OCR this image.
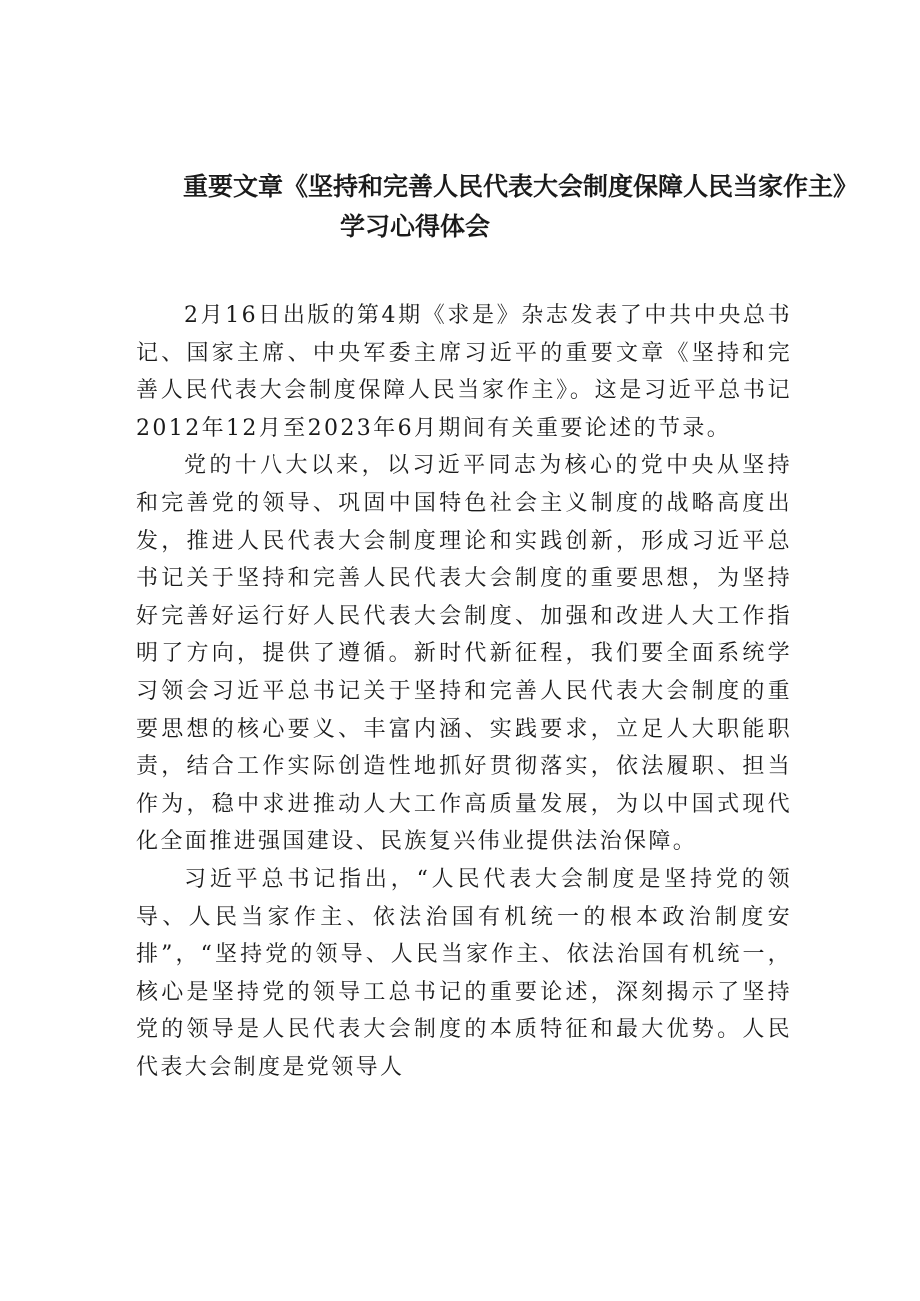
重要文章《坚持和完善人民代表大会制度保障人民当家作主》
学习心得体会

2月16日出版的第4期《求是》杂志发表了中共中央总书记、国家主席、中央军委主席习近平的重要文章《坚持和完善人民代表大会制度保障人民当家作主》。这是习近平总书记2012年12月至2023年6月期间有关重要论述的节录。

党的十八大以来，以习近平同志为核心的党中央从坚持和完善党的领导、巩固中国特色社会主义制度的战略高度出发，推进人民代表大会制度理论和实践创新，形成习近平总书记关于坚持和完善人民代表大会制度的重要思想，为坚持好完善好运行好人民代表大会制度、加强和改进人大工作指明了方向，提供了遵循。新时代新征程，我们要全面系统学习领会习近平总书记关于坚持和完善人民代表大会制度的重要思想的核心要义、丰富内涵、实践要求，立足人大职能职责，结合工作实际创造性地抓好贯彻落实，依法履职、担当作为，稳中求进推动人大工作高质量发展，为以中国式现代化全面推进强国建设、民族复兴伟业提供法治保障。

习近平总书记指出，“人民代表大会制度是坚持党的领导、人民当家作主、依法治国有机统一的根本政治制度安排”，“坚持党的领导、人民当家作主、依法治国有机统一，核心是坚持党的领导工总书记的重要论述，深刻揭示了坚持党的领导是人民代表大会制度的本质特征和最大优势。人民代表大会制度是党领导人
